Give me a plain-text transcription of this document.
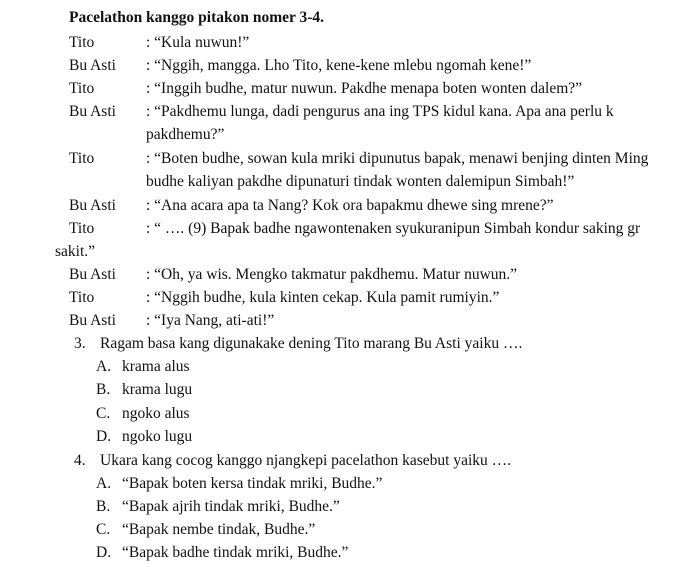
Pacelathon kanggo pitakon nomer 3-4.
Tito	: “Kula nuwun!”
Bu Asti : “Nggih, mangga. Lho Tito, kene-kene mlebu ngomah kene!”
Tito	: “Inggih budhe, matur nuwun. Pakdhe menapa boten wonten dalem?”
Bu Asti : “Pakdhemu lunga, dadi pengurus ana ing TPS kidul kana. Apa ana perlu k
pakdhemu?”
Tito	: “Boten budhe, sowan kula mriki dipunutus bapak, menawi benjing dinten Ming
budhe kaliyan pakdhe dipunaturi tindak wonten dalemipun Simbah!”
Bu Asti : “Ana acara apa ta Nang? Kok ora bapakmu dhewe sing mrene?”
Tito	: “ …. (9) Bapak badhe ngawontenaken syukuranipun Simbah kondur saking gr
sakit.”
Bu Asti : “Oh, ya wis. Mengko takmatur pakdhemu. Matur nuwun.”
Tito	: “Nggih budhe, kula kinten cekap. Kula pamit rumiyin.”
Bu Asti : “Iya Nang, ati-ati!”
3. Ragam basa kang digunakake dening Tito marang Bu Asti yaiku ….
A. krama alus
B. krama lugu
C. ngoko alus
D. ngoko lugu
4. Ukara kang cocog kanggo njangkepi pacelathon kasebut yaiku ….
A. “Bapak boten kersa tindak mriki, Budhe.”
B. “Bapak ajrih tindak mriki, Budhe.”
C. “Bapak nembe tindak, Budhe.”
D. “Bapak badhe tindak mriki, Budhe.”
